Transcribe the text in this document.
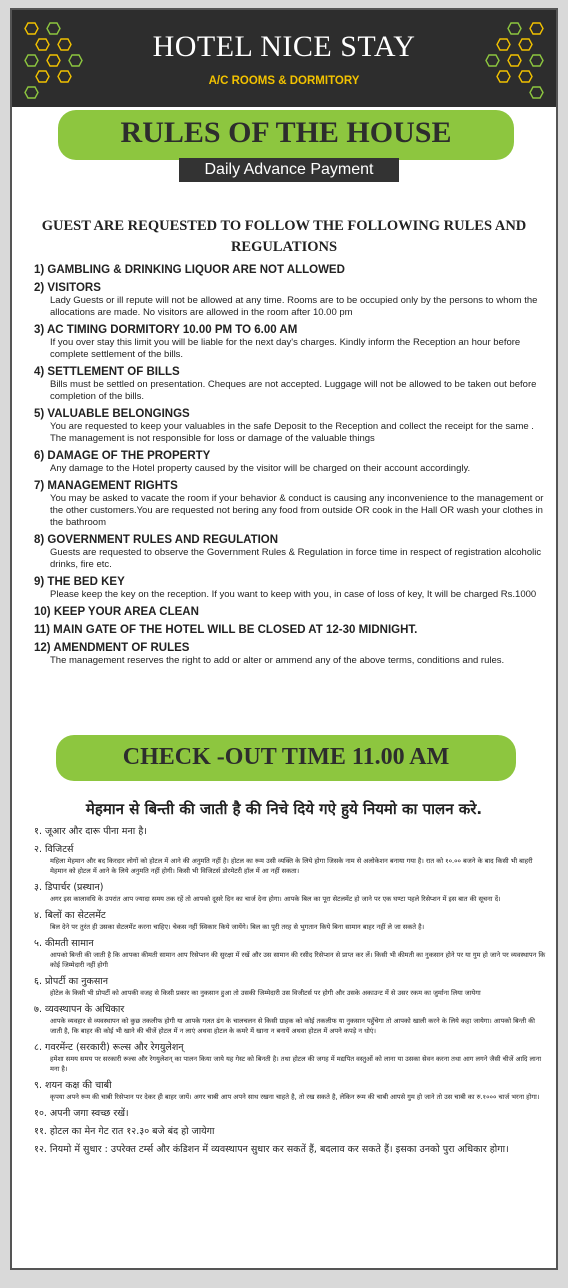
HOTEL NICE STAY
A/C ROOMS & DORMITORY
RULES OF THE HOUSE
Daily Advance Payment
GUEST ARE REQUESTED TO FOLLOW THE FOLLOWING RULES AND REGULATIONS
1) GAMBLING & DRINKING LIQUOR ARE NOT ALLOWED
2) VISITORS
Lady Guests or ill repute will not be allowed at any time. Rooms are to be occupied only by the persons to whom the allocations are made. No visitors are allowed in the room after 10.00 pm
3) AC TIMING DORMITORY 10.00 PM TO 6.00 AM
If you over stay this limit you will be liable for the next day's charges. Kindly inform the Reception an hour before complete settlement of the bills.
4) SETTLEMENT OF BILLS
Bills must be settled on presentation. Cheques are not accepted. Luggage will not be allowed to be taken out before completion of the bills.
5) VALUABLE BELONGINGS
You are requested to keep your valuables in the safe Deposit to the Reception and collect the receipt for the same . The management is not responsible for loss or damage of the valuable things
6) DAMAGE OF THE PROPERTY
Any damage to the Hotel property caused by the visitor will be charged on their account accordingly.
7) MANAGEMENT RIGHTS
You may be asked to vacate the room if your behavior & conduct is causing any inconvenience to the management or the other customers.You are requested not bering any food from outside OR cook in the Hall OR wash your clothes in the bathroom
8) GOVERNMENT RULES AND REGULATION
Guests are requested to observe the Government Rules & Regulation in force time in respect of registration alcoholic drinks, fire etc.
9) THE BED KEY
Please keep the key on the reception. If you want to keep with you, in case of loss of key, It will be charged Rs.1000
10) KEEP YOUR AREA CLEAN
11) MAIN GATE OF THE HOTEL WILL BE CLOSED AT 12-30 MIDNIGHT.
12) AMENDMENT OF RULES
The management reserves the right to add or alter or ammend any of the above terms, conditions and rules.
CHECK -OUT TIME 11.00 AM
मेहमान से बिन्ती की जाती है की निचे दिये गऐ हुये नियमो का पालन करे.
१. जूआर और दारू पीना मना है।
२. विजिटर्स
महिला मेहमान और बद किरदार लोगों को होटल में आने की अनुमति नहीं है। होटल का रूम उसी व्यक्ति के लिये होगा जिसके नाम से अलोकेशन बनाया गया है। रात को १०.०० बजने के बाद किसी भी बाहरी मेहमान को होटल में आने के लिये अनुमति नहीं होगी। किसी भी विजिटर्स डोरमेटरी हॉल में आ नहीं सकता।
३. डिपार्चर (प्रस्थान)
अगर इस कालावधि के उपरांत आप ज्यादा समय तक रहें तो आपको दूसरे दिन का चार्ज देना होगा। आपके बिल का पूरा सेटलमेंट हो जाने पर एक घण्टा पहले रिसेप्शन में इस बात की सूचना दें।
४. बिलों का सेटलमेंट
बिल देने पर तुरंत ही उसका सेटलमेंट करना चाहिए। चेकस नहीं स्विकार किये जायेंगे। बिल का पूरी तरह से भुगतान किये बिना सामान बाहर नहीं ले जा सकते है।
५. कीमती सामान
आपको बिन्ती की जाती है कि आपका कीमती सामान आप रिसेप्शन की सुरक्षा में रखें और उस सामान की रसीद रिसेप्शन से प्राप्त कर लें। किसी भी कीमती का नुकसान होने पर या गुम हो जाने पर व्यवस्थापन कि कोई जिम्मेदारी नहीं होगी
६. प्रोपर्टी का नुकसान
होटेल के किसी भी प्रोपर्टी को आपकी वजह से किसी प्रकार का नुकसान हुआ तो उसकी जिम्मेदारी उस विजीटर्स पर होगी और उसके अकाउन्ट में से उसर रकम का जुर्माना लिया जायेगा
७. व्यवस्थापन के अधिकार
आपके व्यवहार से व्यवस्थापन को कुछ तकलीफ होगी या आपके गलत ढंग के चालचलन से किसी ग्राहक को कोई तकलीफ या नुकसान पहुँचेगा तो आपको खाली करने के लिये कहा जायेगा। आपको बिन्ती की जाती है, कि बाहर की कोई भी खाने की चीजें होटल में न लाएं अथवा होटल के कमरे में खाना न बनायें अथवा होटल में अपने कपड़े न धोएं।
८. गवरमेंन्ट (सरकारी) रूल्स और रेगयुलेशन्
हमेशा समय समय पर सरकारी रूल्स और रेगयुलेशन् का पालन किया जाये यह गेस्ट को बिनती है। तथा होटल की जगह में मद्यपित वस्तुओं को लाना या उसका सेवन करना तथा आग लगने जैसी चीजें आदि लाना मना है।
९. शयन कक्ष की चाबी
कृपया अपने रूम की चाबी रिसेप्शन पर देकर ही बाहर जायें। अगर चाबी आप अपने साथ रखना चाहते है, तो रख सकते है, लेकिन रूम की चाबी आपसे गुम हो जाने तो उस चाबी का रु.१००० चार्ज भरना होगा।
१०. अपनी जगा स्वच्छ रखें।
११. होटल का मेन गेट रात १२.३० बजे बंद हो जायेगा
१२. नियमो में सुधार : उपरेक्त टर्म्स और कंडिशन में व्यवस्थापन सुधार कर सकतें हैं, बदलाव कर सकते हैं। इसका उनको पुरा अधिकार होगा।
